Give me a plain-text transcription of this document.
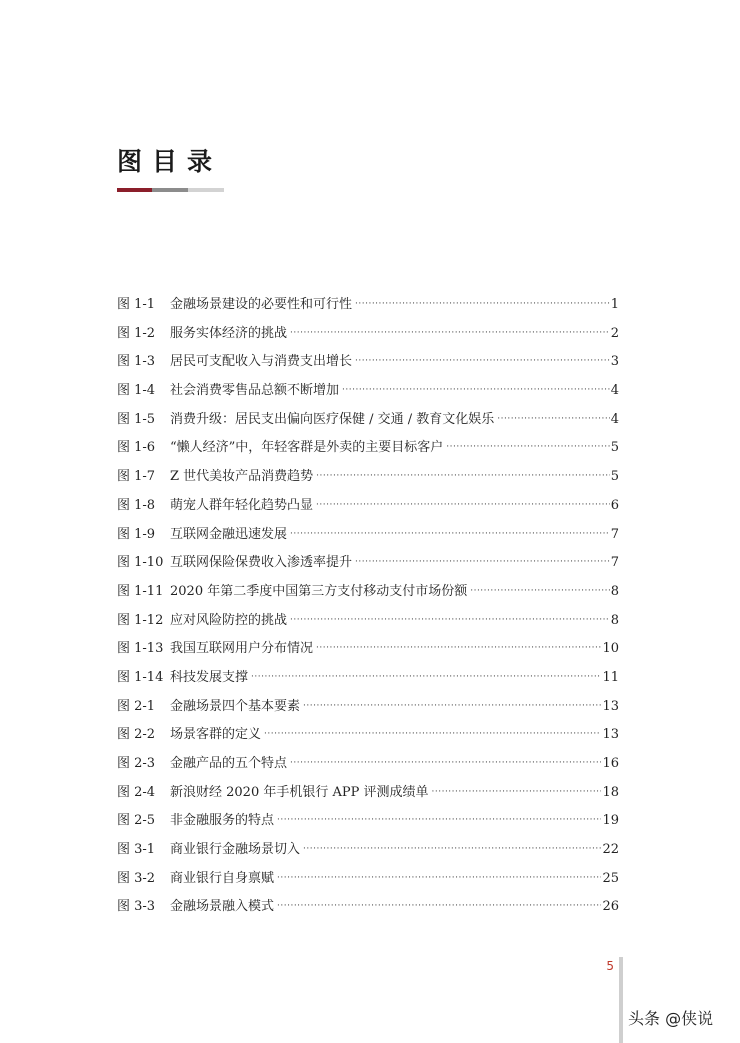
图目录
图 1-1	金融场景建设的必要性和可行性 ·····	1
图 1-2	服务实体经济的挑战 ·····	2
图 1-3	居民可支配收入与消费支出增长 ·····	3
图 1-4	社会消费零售品总额不断增加 ·····	4
图 1-5	消费升级：居民支出偏向医疗保健 / 交通 / 教育文化娱乐 ·····	4
图 1-6	“懒人经济”中，年轻客群是外卖的主要目标客户 ·····	5
图 1-7	Z 世代美妆产品消费趋势 ·····	5
图 1-8	萌宠人群年轻化趋势凸显 ·····	6
图 1-9	互联网金融迅速发展 ·····	7
图 1-10 互联网保险保费收入渗透率提升 ·····	7
图 1-11 2020 年第二季度中国第三方支付移动支付市场份额 ·····	8
图 1-12 应对风险防控的挑战 ·····	8
图 1-13 我国互联网用户分布情况 ·····	10
图 1-14 科技发展支撑 ·····	11
图 2-1	金融场景四个基本要素 ·····	13
图 2-2	场景客群的定义 ·····	13
图 2-3	金融产品的五个特点 ·····	16
图 2-4	新浪财经 2020 年手机银行 APP 评测成绩单 ·····	18
图 2-5	非金融服务的特点 ·····	19
图 3-1	商业银行金融场景切入 ·····	22
图 3-2	商业银行自身禀赋 ·····	25
图 3-3	金融场景融入模式 ·····	26
5
头条 @侠说
